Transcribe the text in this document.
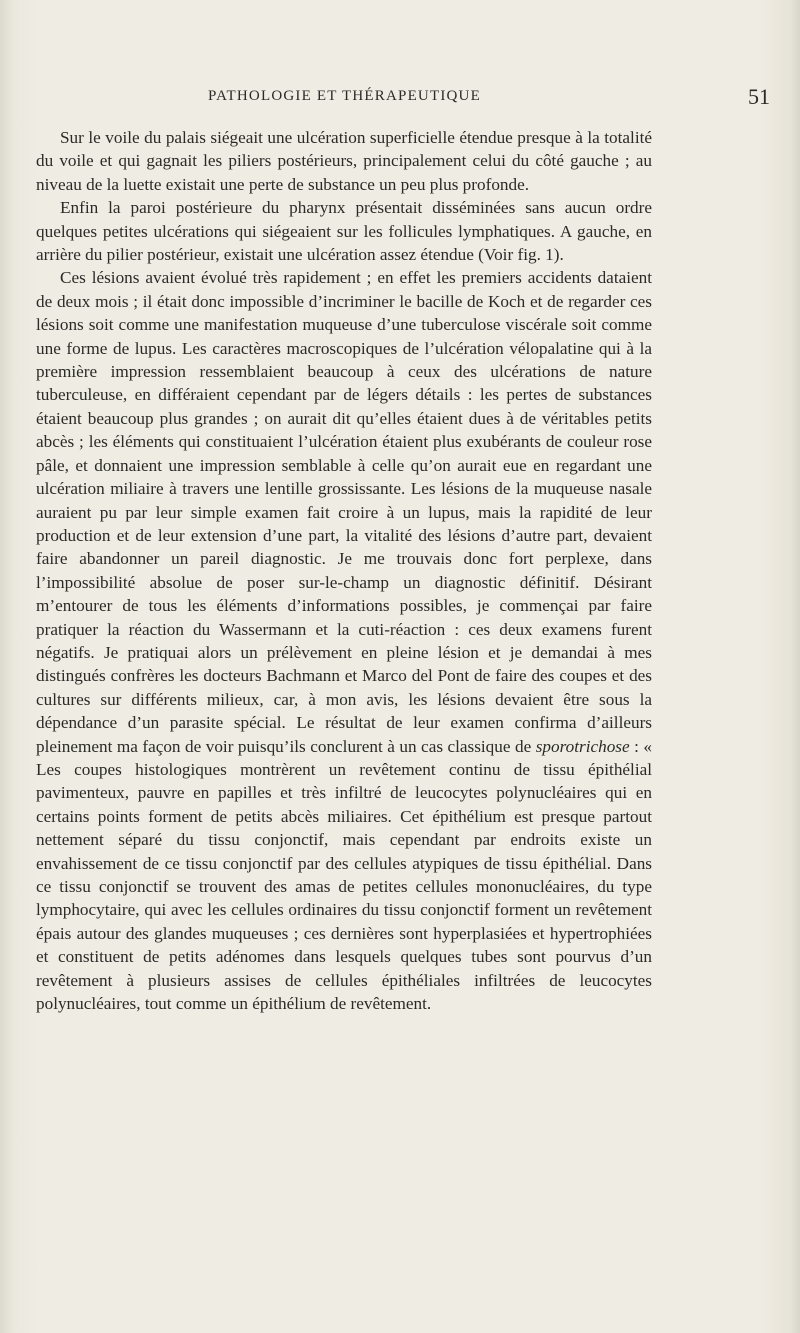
PATHOLOGIE ET THÉRAPEUTIQUE	51

Sur le voile du palais siégeait une ulcération superficielle étendue presque à la totalité du voile et qui gagnait les piliers postérieurs, principalement celui du côté gauche ; au niveau de la luette existait une perte de substance un peu plus profonde.

Enfin la paroi postérieure du pharynx présentait disséminées sans aucun ordre quelques petites ulcérations qui siégeaient sur les follicules lymphatiques. A gauche, en arrière du pilier postérieur, existait une ulcération assez étendue (Voir fig. 1).

Ces lésions avaient évolué très rapidement ; en effet les premiers accidents dataient de deux mois ; il était donc impossible d’incriminer le bacille de Koch et de regarder ces lésions soit comme une manifestation muqueuse d’une tuberculose viscérale soit comme une forme de lupus. Les caractères macroscopiques de l’ulcération vélopalatine qui à la première impression ressemblaient beaucoup à ceux des ulcérations de nature tuberculeuse, en différaient cependant par de légers détails : les pertes de substances étaient beaucoup plus grandes ; on aurait dit qu’elles étaient dues à de véritables petits abcès ; les éléments qui constituaient l’ulcération étaient plus exubérants de couleur rose pâle, et donnaient une impression semblable à celle qu’on aurait eue en regardant une ulcération miliaire à travers une lentille grossissante. Les lésions de la muqueuse nasale auraient pu par leur simple examen fait croire à un lupus, mais la rapidité de leur production et de leur extension d’une part, la vitalité des lésions d’autre part, devaient faire abandonner un pareil diagnostic. Je me trouvais donc fort perplexe, dans l’impossibilité absolue de poser sur-le-champ un diagnostic définitif. Désirant m’entourer de tous les éléments d’informations possibles, je commençai par faire pratiquer la réaction du Wassermann et la cuti-réaction : ces deux examens furent négatifs. Je pratiquai alors un prélèvement en pleine lésion et je demandai à mes distingués confrères les docteurs Bachmann et Marco del Pont de faire des coupes et des cultures sur différents milieux, car, à mon avis, les lésions devaient être sous la dépendance d’un parasite spécial. Le résultat de leur examen confirma d’ailleurs pleinement ma façon de voir puisqu’ils conclurent à un cas classique de sporotrichose : « Les coupes histologiques montrèrent un revêtement continu de tissu épithélial pavimenteux, pauvre en papilles et très infiltré de leucocytes polynucléaires qui en certains points forment de petits abcès miliaires. Cet épithélium est presque partout nettement séparé du tissu conjonctif, mais cependant par endroits existe un envahissement de ce tissu conjonctif par des cellules atypiques de tissu épithélial. Dans ce tissu conjonctif se trouvent des amas de petites cellules mononucléaires, du type lymphocytaire, qui avec les cellules ordinaires du tissu conjonctif forment un revêtement épais autour des glandes muqueuses ; ces dernières sont hyperplasiées et hypertrophiées et constituent de petits adénomes dans lesquels quelques tubes sont pourvus d’un revêtement à plusieurs assises de cellules épithéliales infiltrées de leucocytes polynucléaires, tout comme un épithélium de revêtement.
